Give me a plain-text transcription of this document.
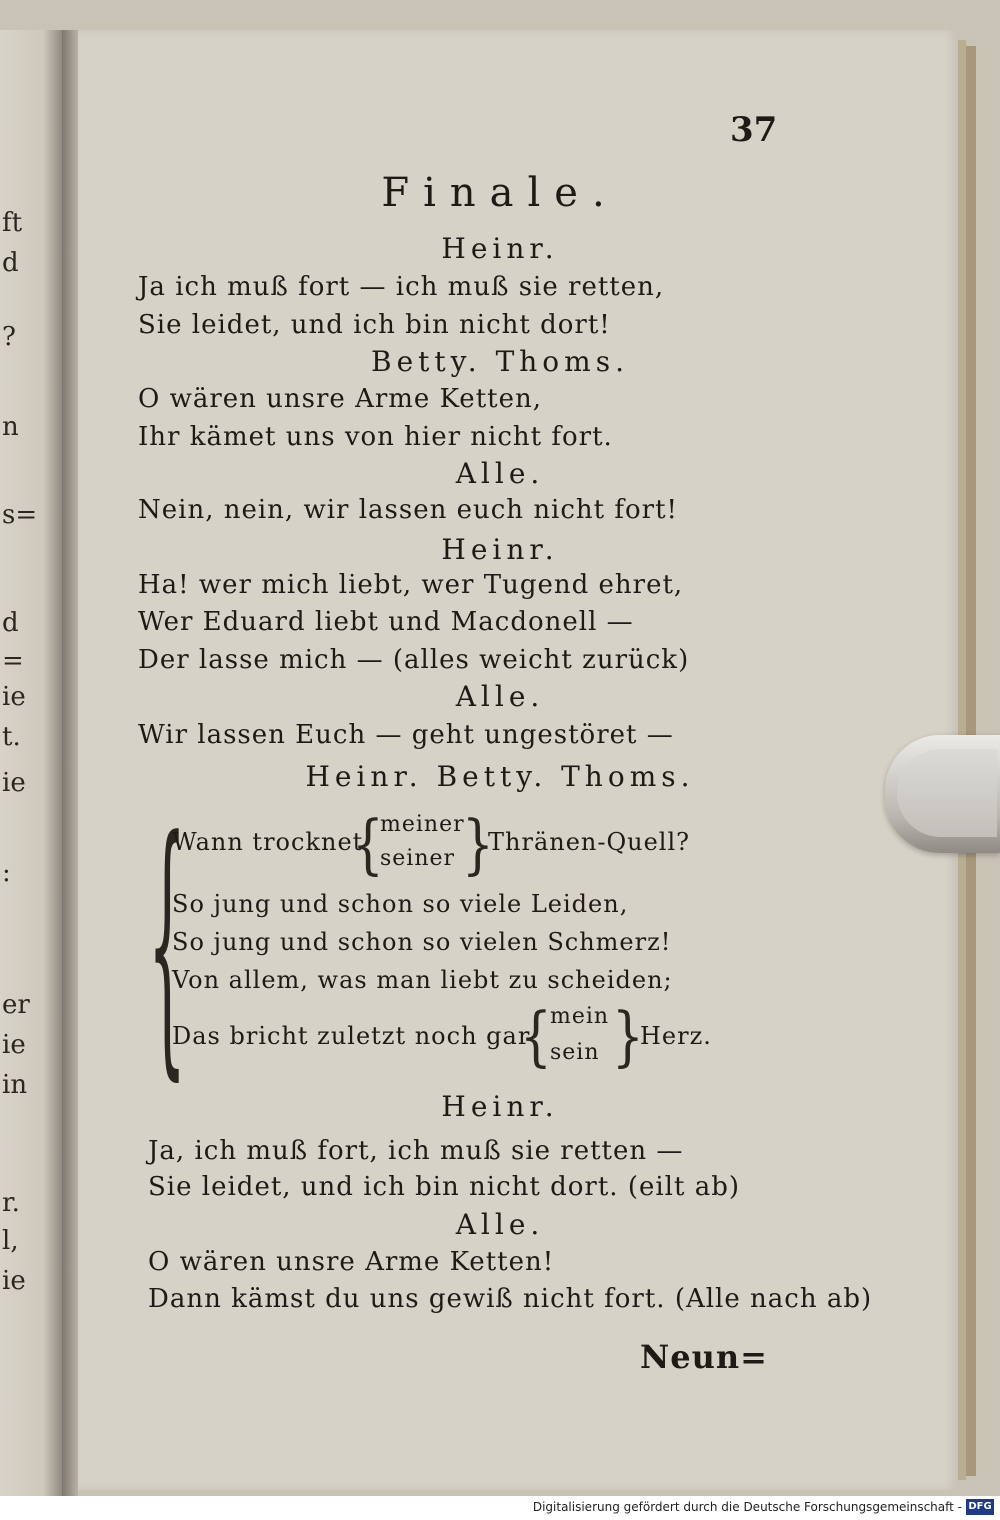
ft
d
?
n
s=
d
=
ie
t.
ie
:
er
ie
in
r.
l,
ie
37
Finale.
Heinr.
Ja ich muß fort — ich muß sie retten,
Sie leidet, und ich bin nicht dort!
Betty. Thoms.
O wären unsre Arme Ketten,
Ihr kämet uns von hier nicht fort.
Alle.
Nein, nein, wir lassen euch nicht fort!
Heinr.
Ha! wer mich liebt, wer Tugend ehret,
Wer Eduard liebt und Macdonell —
Der lasse mich — (alles weicht zurück)
Alle.
Wir lassen Euch — geht ungestöret —
Heinr. Betty. Thoms.
{
Wann trocknet
{
meiner
seiner }
Thränen-Quell?
So jung und schon so viele Leiden,
So jung und schon so vielen Schmerz!
Von allem, was man liebt zu scheiden;
Das bricht zuletzt noch gar
{
mein
sein }
Herz.
Heinr.
Ja, ich muß fort, ich muß sie retten —
Sie leidet, und ich bin nicht dort. (eilt ab)
Alle.
O wären unsre Arme Ketten!
Dann kämst du uns gewiß nicht fort. (Alle nach ab)
Neun=
Digitalisierung gefördert durch die Deutsche Forschungsgemeinschaft - DFG
